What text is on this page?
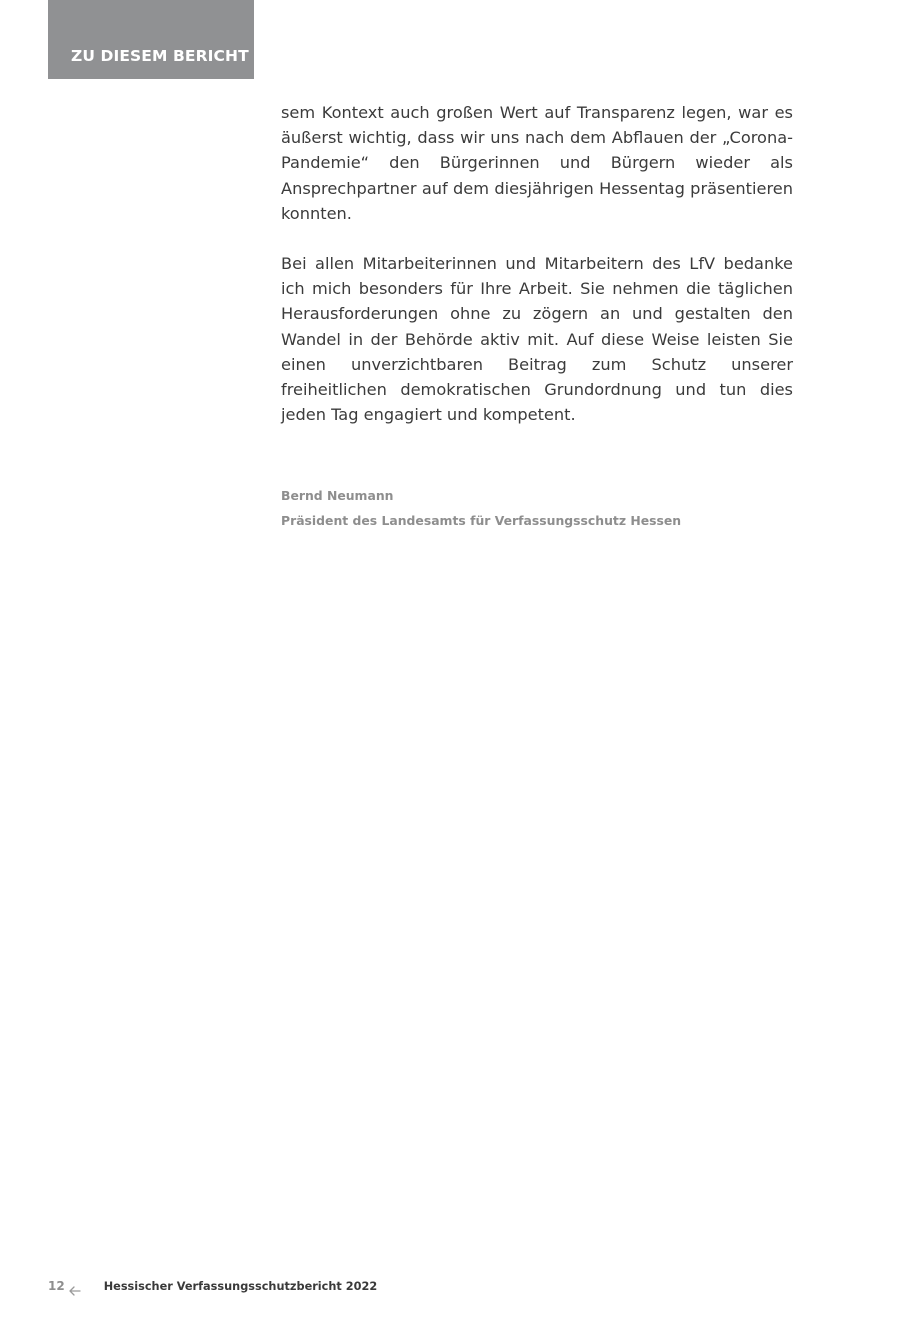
ZU DIESEM BERICHT

sem Kontext auch großen Wert auf Transparenz legen, war es äußerst wichtig, dass wir uns nach dem Abflauen der „Corona-Pandemie“ den Bürgerinnen und Bürgern wieder als Ansprechpartner auf dem diesjährigen Hessentag präsentieren konnten.

Bei allen Mitarbeiterinnen und Mitarbeitern des LfV bedanke ich mich besonders für Ihre Arbeit. Sie nehmen die täglichen Herausforderungen ohne zu zögern an und gestalten den Wandel in der Behörde aktiv mit. Auf diese Weise leisten Sie einen unverzichtbaren Beitrag zum Schutz unserer freiheitlichen demokratischen Grundordnung und tun dies jeden Tag engagiert und kompetent.

Bernd Neumann
Präsident des Landesamts für Verfassungsschutz Hessen
12	Hessischer Verfassungsschutzbericht 2022
